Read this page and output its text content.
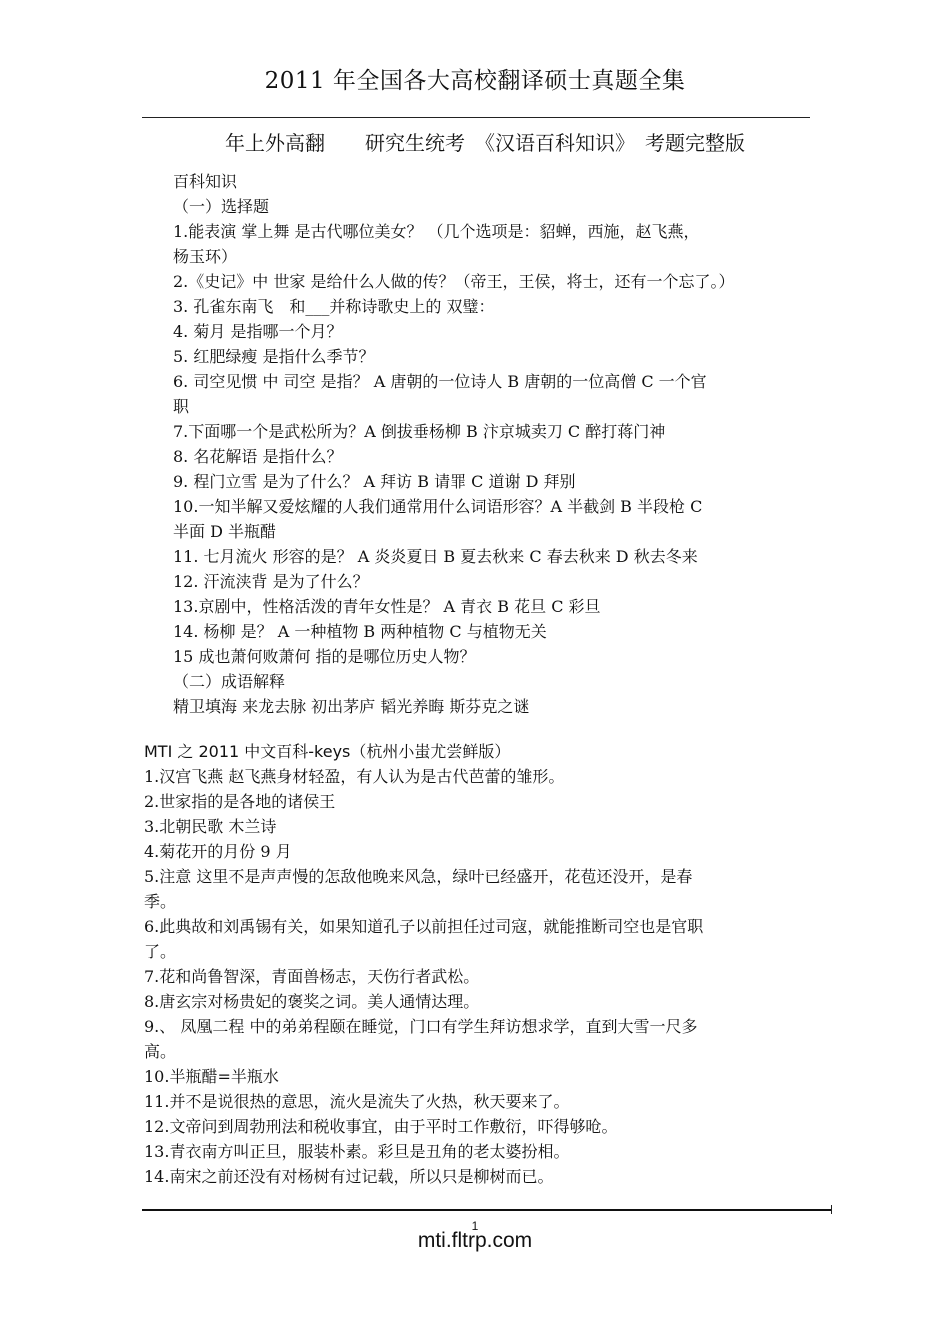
2011 年全国各大高校翻译硕士真题全集
年上外高翻　　研究生统考　《汉语百科知识》　考题完整版
百科知识
（一）选择题
1.能表演 掌上舞 是古代哪位美女？ （几个选项是：貂蝉，西施，赵飞燕，
杨玉环）
2.《史记》中 世家 是给什么人做的传？（帝王，王侯，将士，还有一个忘了。）
3. 孔雀东南飞　和___并称诗歌史上的 双璧：
4. 菊月 是指哪一个月？
5. 红肥绿瘦 是指什么季节？
6. 司空见惯 中 司空 是指？ A 唐朝的一位诗人 B 唐朝的一位高僧 C 一个官
职
7.下面哪一个是武松所为？A 倒拔垂杨柳 B 汴京城卖刀 C 醉打蒋门神
8. 名花解语 是指什么？
9. 程门立雪 是为了什么？ A 拜访 B 请罪 C 道谢 D 拜别
10.一知半解又爱炫耀的人我们通常用什么词语形容？A 半截剑 B 半段枪 C
半面 D 半瓶醋
11. 七月流火 形容的是？ A 炎炎夏日 B 夏去秋来 C 春去秋来 D 秋去冬来
12. 汗流浃背 是为了什么？
13.京剧中，性格活泼的青年女性是？ A 青衣 B 花旦 C 彩旦
14. 杨柳 是？ A 一种植物 B 两种植物 C 与植物无关
15 成也萧何败萧何 指的是哪位历史人物？
（二）成语解释
精卫填海 来龙去脉 初出茅庐 韬光养晦 斯芬克之谜
MTI 之 2011 中文百科-keys（杭州小蚩尤尝鲜版）
1.汉宫飞燕 赵飞燕身材轻盈，有人认为是古代芭蕾的雏形。
2.世家指的是各地的诸侯王
3.北朝民歌 木兰诗
4.菊花开的月份 9 月
5.注意 这里不是声声慢的怎敌他晚来风急，绿叶已经盛开，花苞还没开，是春
季。
6.此典故和刘禹锡有关，如果知道孔子以前担任过司寇，就能推断司空也是官职
了。
7.花和尚鲁智深，青面兽杨志，天伤行者武松。
8.唐玄宗对杨贵妃的褒奖之词。美人通情达理。
9.、 凤凰二程 中的弟弟程颐在睡觉，门口有学生拜访想求学，直到大雪一尺多
高。
10.半瓶醋=半瓶水
11.并不是说很热的意思，流火是流失了火热，秋天要来了。
12.文帝问到周勃刑法和税收事宜，由于平时工作敷衍，吓得够呛。
13.青衣南方叫正旦，服装朴素。彩旦是丑角的老太婆扮相。
14.南宋之前还没有对杨树有过记载，所以只是柳树而已。
1
mti.fltrp.com
